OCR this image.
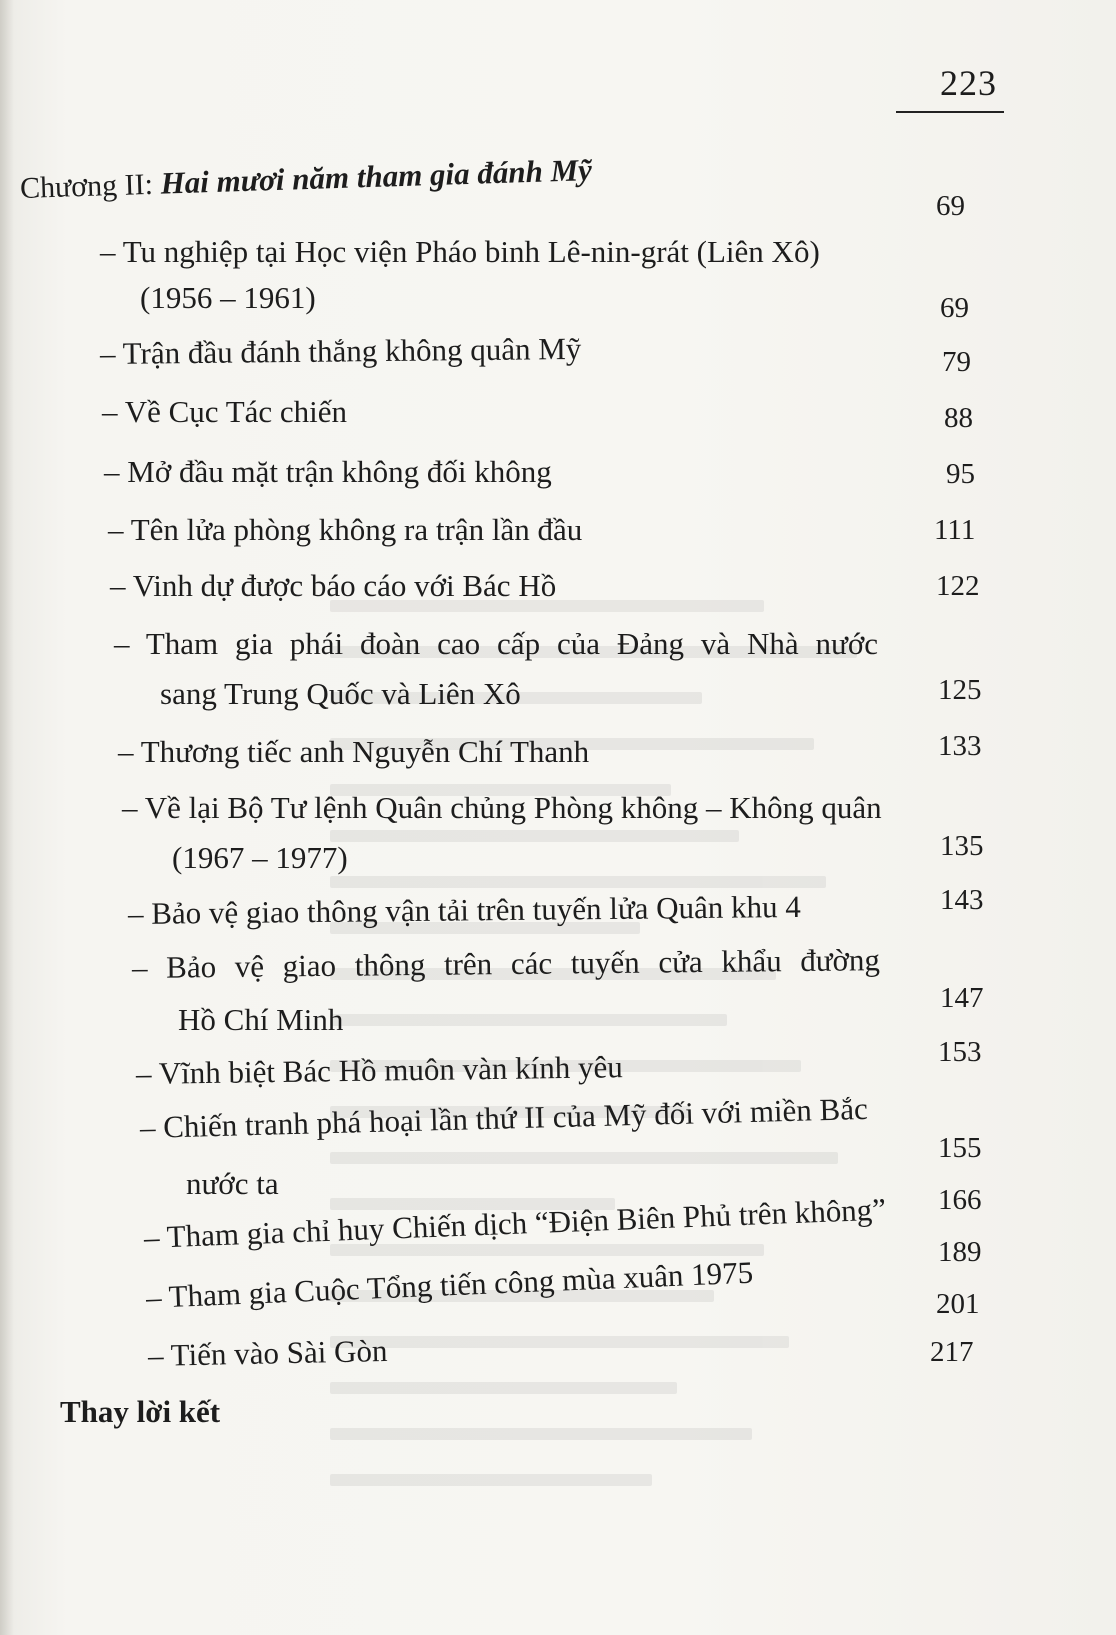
223
Chương II: Hai mươi năm tham gia đánh Mỹ
– Tu nghiệp tại Học viện Pháo binh Lê-nin-grát (Liên Xô)
(1956 – 1961)
– Trận đầu đánh thắng không quân Mỹ
– Về Cục Tác chiến
– Mở đầu mặt trận không đối không
– Tên lửa phòng không ra trận lần đầu
– Vinh dự được báo cáo với Bác Hồ
– Tham gia phái đoàn cao cấp của Đảng và Nhà nước
sang Trung Quốc và Liên Xô
– Thương tiếc anh Nguyễn Chí Thanh
– Về lại Bộ Tư lệnh Quân chủng Phòng không – Không quân
(1967 – 1977)
– Bảo vệ giao thông vận tải trên tuyến lửa Quân khu 4
– Bảo vệ giao thông trên các tuyến cửa khẩu đường
Hồ Chí Minh
– Vĩnh biệt Bác Hồ muôn vàn kính yêu
– Chiến tranh phá hoại lần thứ II của Mỹ đối với miền Bắc
nước ta
– Tham gia chỉ huy Chiến dịch “Điện Biên Phủ trên không”
– Tham gia Cuộc Tổng tiến công mùa xuân 1975
– Tiến vào Sài Gòn
Thay lời kết
69
69
79
88
95
111
122
125
133
135
143
147
153
155
166
189
201
217
